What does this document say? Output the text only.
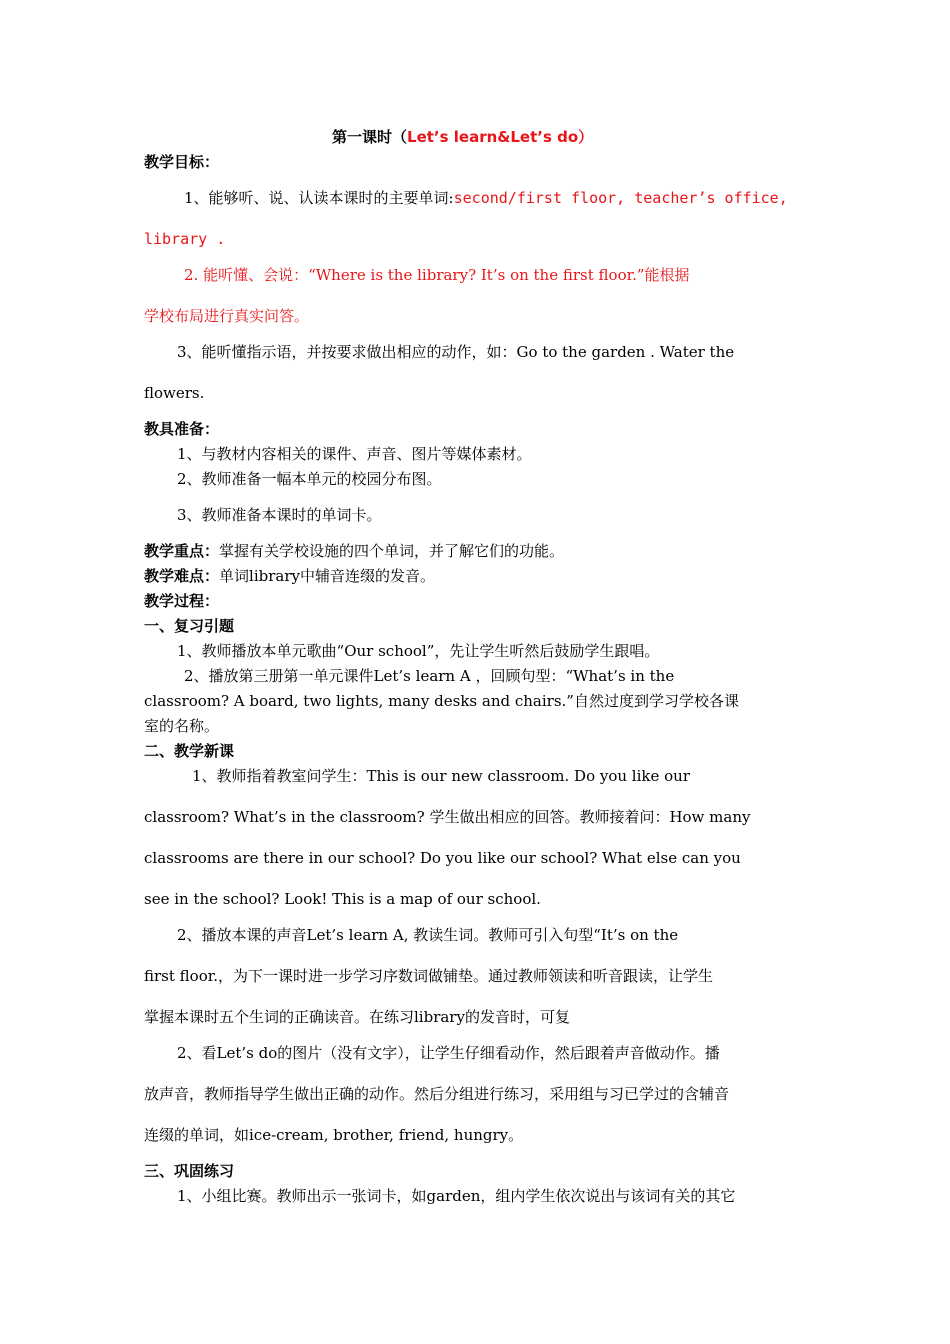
第一课时（Let’s learn&Let’s do）
教学目标：
1、能够听、说、认读本课时的主要单词:second/first floor, teacher’s office,
library .
2. 能听懂、会说：“Where is the library? It’s on the first floor.”能根据
学校布局进行真实问答。
3、能听懂指示语，并按要求做出相应的动作，如：Go to the garden . Water the
flowers.
教具准备：
1、与教材内容相关的课件、声音、图片等媒体素材。
2、教师准备一幅本单元的校园分布图。
3、教师准备本课时的单词卡。
教学重点：掌握有关学校设施的四个单词，并了解它们的功能。
教学难点：单词library中辅音连缀的发音。
教学过程：
一、复习引题
1、教师播放本单元歌曲“Our school”，先让学生听然后鼓励学生跟唱。
2、播放第三册第一单元课件Let’s learn A ，回顾句型：“What’s in the
classroom? A board, two lights, many desks and chairs.”自然过度到学习学校各课
室的名称。
二、教学新课
1、教师指着教室问学生：This is our new classroom. Do you like our
classroom? What’s in the classroom? 学生做出相应的回答。教师接着问：How many
classrooms are there in our school? Do you like our school? What else can you
see in the school? Look! This is a map of our school.
2、播放本课的声音Let’s learn A, 教读生词。教师可引入句型“It’s on the
first floor.，为下一课时进一步学习序数词做铺垫。通过教师领读和听音跟读，让学生
掌握本课时五个生词的正确读音。在练习library的发音时，可复
2、看Let’s do的图片（没有文字），让学生仔细看动作，然后跟着声音做动作。播
放声音，教师指导学生做出正确的动作。然后分组进行练习，采用组与习已学过的含辅音
连缀的单词，如ice-cream, brother, friend, hungry。
三、巩固练习
1、小组比赛。教师出示一张词卡，如garden，组内学生依次说出与该词有关的其它
